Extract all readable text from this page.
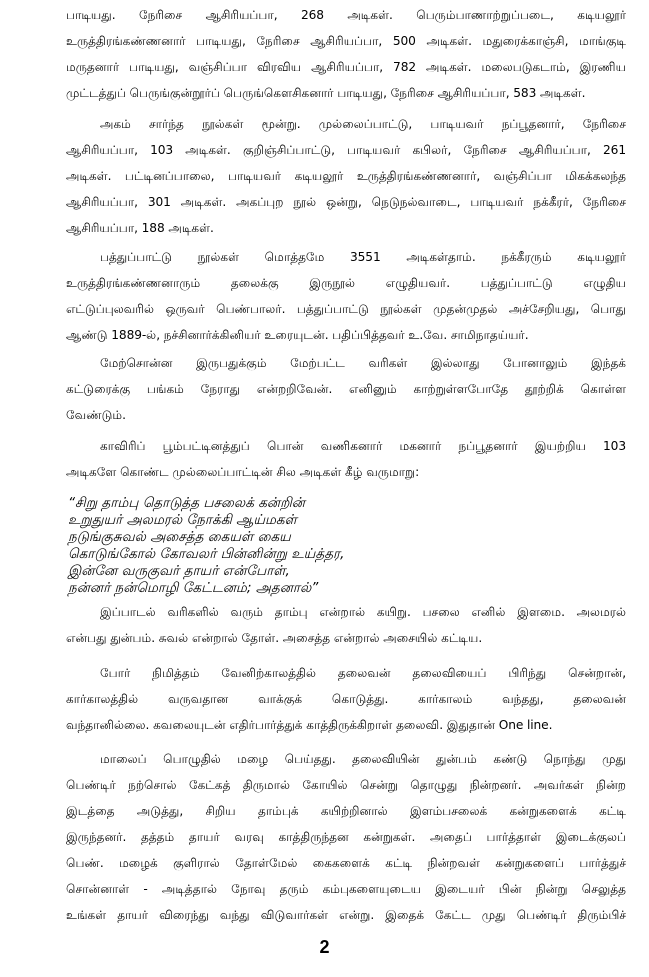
பாடியது. நேரிசை ஆசிரியப்பா, 268 அடிகள். பெரும்பாணாற்றுப்படை, கடியலூர்
உருத்திரங்கண்ணனார் பாடியது, நேரிசை ஆசிரியப்பா, 500 அடிகள். மதுரைக்காஞ்சி, மாங்குடி
மருதனார் பாடியது, வஞ்சிப்பா விரவிய ஆசிரியப்பா, 782 அடிகள். மலைபடுகடாம், இரணிய
முட்டத்துப் பெருங்குன்றூர்ப் பெருங்கௌசிகனார் பாடியது, நேரிசை ஆசிரியப்பா, 583 அடிகள்.

அகம் சார்ந்த நூல்கள் மூன்று. முல்லைப்பாட்டு, பாடியவர் நப்பூதனார், நேரிசை
ஆசிரியப்பா, 103 அடிகள். குறிஞ்சிப்பாட்டு, பாடியவர் கபிலர், நேரிசை ஆசிரியப்பா, 261
அடிகள். பட்டினப்பாலை, பாடியவர் கடியலூர் உருத்திரங்கண்ணனார், வஞ்சிப்பா மிகக்கலந்த
ஆசிரியப்பா, 301 அடிகள். அகப்புற நூல் ஒன்று, நெடுநல்வாடை, பாடியவர் நக்கீரர், நேரிசை
ஆசிரியப்பா, 188 அடிகள்.

பத்துப்பாட்டு நூல்கள் மொத்தமே 3551 அடிகள்தாம். நக்கீரரும் கடியலூர்
உருத்திரங்கண்ணனாரும் தலைக்கு இருநூல் எழுதியவர். பத்துப்பாட்டு எழுதிய
எட்டுப்புலவரில் ஒருவர் பெண்பாலர். பத்துப்பாட்டு நூல்கள் முதன்முதல் அச்சேறியது, பொது
ஆண்டு 1889-ல், நச்சினார்க்கினியர் உரையுடன். பதிப்பித்தவர் உ.வே. சாமிநாதய்யர்.

மேற்சொன்ன இருபதுக்கும் மேற்பட்ட வரிகள் இல்லாது போனாலும் இந்தக்
கட்டுரைக்கு பங்கம் நேராது என்றறிவேன். எனினும் காற்றுள்ளபோதே தூற்றிக் கொள்ள
வேண்டும்.

காவிரிப் பூம்பட்டினத்துப் பொன் வணிகனார் மகனார் நப்பூதனார் இயற்றிய 103
அடிகளே கொண்ட முல்லைப்பாட்டின் சில அடிகள் கீழ் வருமாறு:

“சிறு தாம்பு தொடுத்த பசலைக் கன்றின்
உறுதுயர் அலமரல் நோக்கி ஆய்மகள்
நடுங்குசுவல் அசைத்த கையள் கைய
கொடுங்கோல் கோவலர் பின்னின்று உய்த்தர,
இன்னே வருகுவர் தாயர் என்போள்,
நன்னர் நன்மொழி கேட்டனம்; அதனால்”

இப்பாடல் வரிகளில் வரும் தாம்பு என்றால் கயிறு. பசலை எனில் இளமை. அலமரல்
என்பது துன்பம். சுவல் என்றால் தோள். அசைத்த என்றால் அசையில் கட்டிய.

போர் நிமித்தம் வேனிற்காலத்தில் தலைவன் தலைவியைப் பிரிந்து சென்றான்,
கார்காலத்தில் வருவதான வாக்குக் கொடுத்து. கார்காலம் வந்தது, தலைவன்
வந்தானில்லை. கவலையுடன் எதிர்பார்த்துக் காத்திருக்கிறாள் தலைவி. இதுதான் One line.

மாலைப் பொழுதில் மழை பெய்தது. தலைவியின் துன்பம் கண்டு நொந்து முது
பெண்டிர் நற்சொல் கேட்கத் திருமால் கோயில் சென்று தொழுது நின்றனர். அவர்கள் நின்ற
இடத்தை அடுத்து, சிறிய தாம்புக் கயிற்றினால் இளம்பசலைக் கன்றுகளைக் கட்டி
இருந்தனர். தத்தம் தாயர் வரவு காத்திருந்தன கன்றுகள். அதைப் பார்த்தாள் இடைக்குலப்
பெண். மழைக் குளிரால் தோள்மேல் கைகளைக் கட்டி நின்றவள் கன்றுகளைப் பார்த்துச்
சொன்னாள் - அடித்தால் நோவு தரும் கம்புகளையுடைய இடையர் பின் நின்று செலுத்த
உங்கள் தாயர் விரைந்து வந்து விடுவார்கள் என்று. இதைக் கேட்ட முது பெண்டிர் திரும்பிச்

2
